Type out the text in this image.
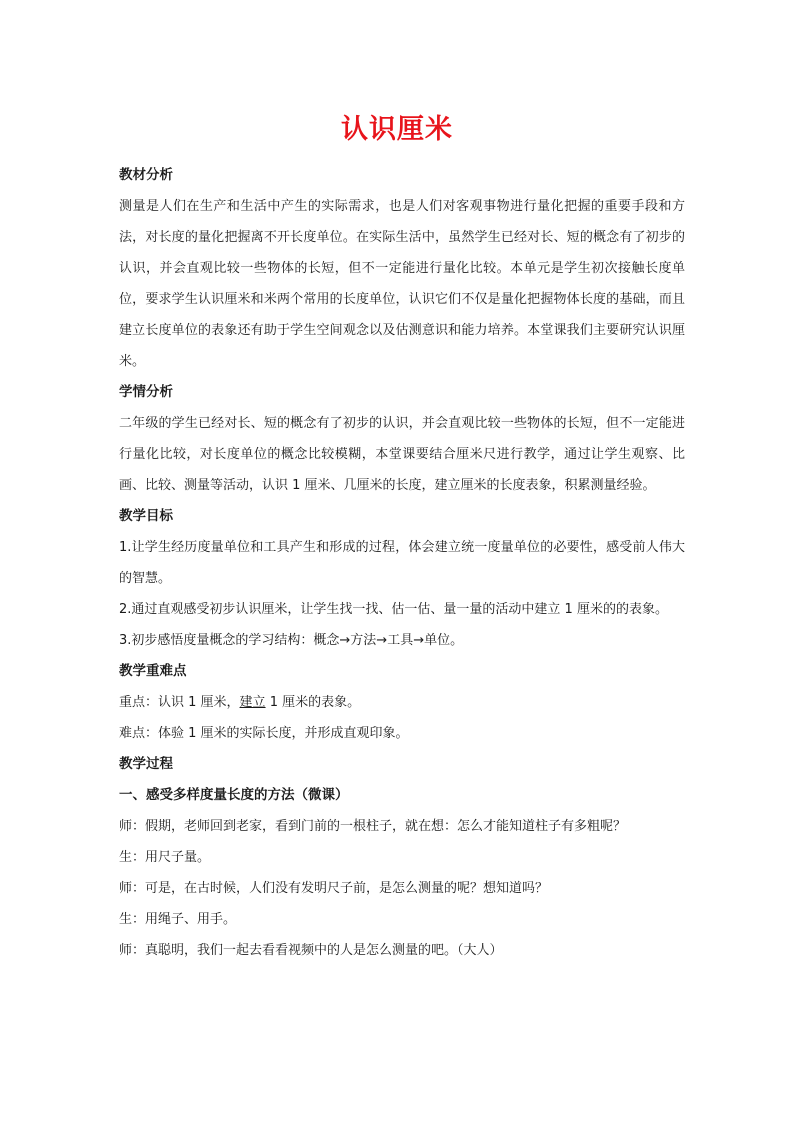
认识厘米
教材分析
测量是人们在生产和生活中产生的实际需求，也是人们对客观事物进行量化把握的重要手段和方法，对长度的量化把握离不开长度单位。在实际生活中，虽然学生已经对长、短的概念有了初步的认识，并会直观比较一些物体的长短，但不一定能进行量化比较。本单元是学生初次接触长度单位，要求学生认识厘米和米两个常用的长度单位，认识它们不仅是量化把握物体长度的基础，而且建立长度单位的表象还有助于学生空间观念以及估测意识和能力培养。本堂课我们主要研究认识厘米。
学情分析
二年级的学生已经对长、短的概念有了初步的认识，并会直观比较一些物体的长短，但不一定能进行量化比较，对长度单位的概念比较模糊，本堂课要结合厘米尺进行教学，通过让学生观察、比画、比较、测量等活动，认识 1 厘米、几厘米的长度，建立厘米的长度表象，积累测量经验。
教学目标
1.让学生经历度量单位和工具产生和形成的过程，体会建立统一度量单位的必要性，感受前人伟大的智慧。
2.通过直观感受初步认识厘米，让学生找一找、估一估、量一量的活动中建立 1 厘米的的表象。
3.初步感悟度量概念的学习结构：概念→方法→工具→单位。
教学重难点
重点：认识 1 厘米，建立 1 厘米的表象。
难点：体验 1 厘米的实际长度，并形成直观印象。
教学过程
一、感受多样度量长度的方法（微课）
师：假期，老师回到老家，看到门前的一根柱子，就在想：怎么才能知道柱子有多粗呢？
生：用尺子量。
师：可是，在古时候，人们没有发明尺子前，是怎么测量的呢？想知道吗？
生：用绳子、用手。
师：真聪明，我们一起去看看视频中的人是怎么测量的吧。（大人）
